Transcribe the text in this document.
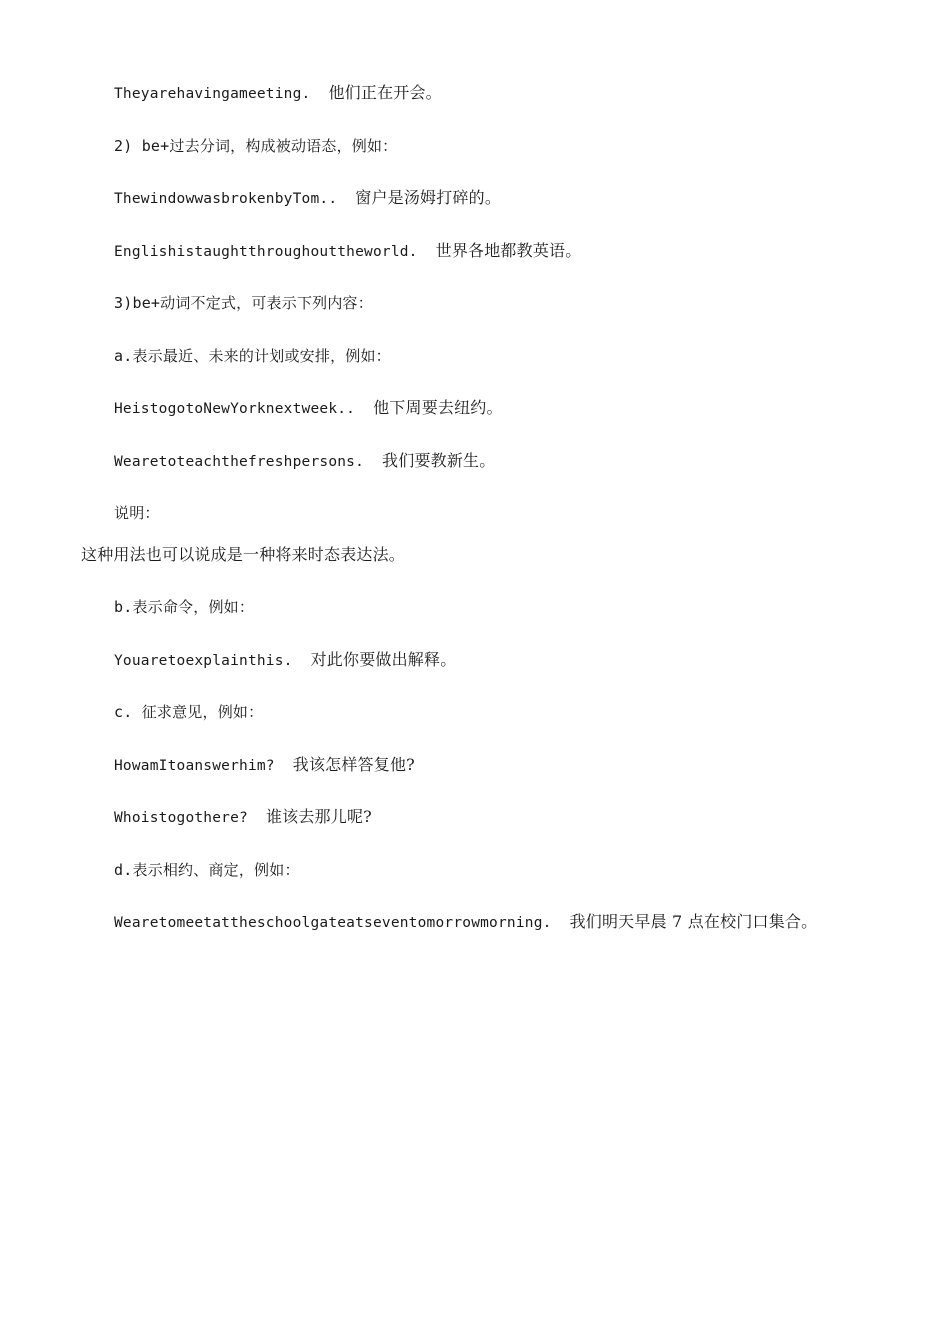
Theyarehavingameeting. 他们正在开会。
2) be+过去分词，构成被动语态，例如：
ThewindowwasbrokenbyTom.. 窗户是汤姆打碎的。
Englishistaughtthroughouttheworld. 世界各地都教英语。
3)be+动词不定式，可表示下列内容：
a.表示最近、未来的计划或安排，例如：
HeistogotoNewYorknextweek.. 他下周要去纽约。
Wearetoteachthefreshpersons. 我们要教新生。
说明：
这种用法也可以说成是一种将来时态表达法。
b.表示命令，例如：
Youaretoexplainthis. 对此你要做出解释。
c. 征求意见，例如：
HowamItoanswerhim? 我该怎样答复他?
Whoistogothere? 谁该去那儿呢?
d.表示相约、商定，例如：
Wearetomeetattheschoolgateatseventomorrowmorning. 我们明天早晨 7 点在校门口集合。
